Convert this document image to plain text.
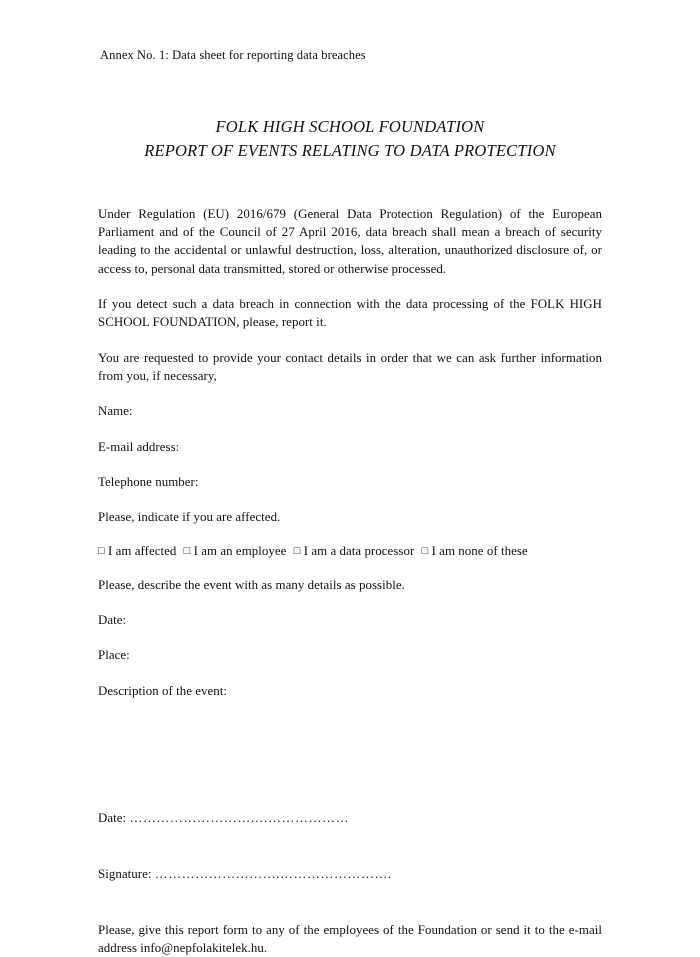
Annex No. 1: Data sheet for reporting data breaches
FOLK HIGH SCHOOL FOUNDATION
REPORT OF EVENTS RELATING TO DATA PROTECTION

Under Regulation (EU) 2016/679 (General Data Protection Regulation) of the European Parliament and of the Council of 27 April 2016, data breach shall mean a breach of security leading to the accidental or unlawful destruction, loss, alteration, unauthorized disclosure of, or access to, personal data transmitted, stored or otherwise processed.

If you detect such a data breach in connection with the data processing of the FOLK HIGH SCHOOL FOUNDATION, please, report it.

You are requested to provide your contact details in order that we can ask further information from you, if necessary,

Name:

E-mail address:

Telephone number:

Please, indicate if you are affected.

□ I am affected □ I am an employee □ I am a data processor □ I am none of these

Please, describe the event with as many details as possible.

Date:

Place:

Description of the event:

Date: ……………………….…………………
Signature: ……………………….…………………….

Please, give this report form to any of the employees of the Foundation or send it to the e-mail address info@nepfolakitelek.hu.
